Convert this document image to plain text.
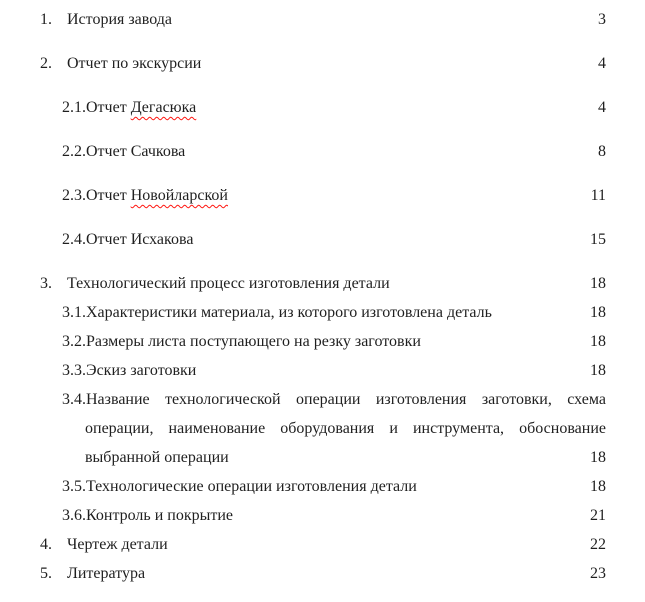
1. История завода	3
2. Отчет по экскурсии	4
2.1.Отчет Дегасюка	4
2.2.Отчет Сачкова	8
2.3.Отчет Новойларской	11
2.4.Отчет Исхакова	15
3. Технологический процесс изготовления детали	18
3.1.Характеристики материала, из которого изготовлена деталь	18
3.2.Размеры листа поступающего на резку заготовки	18
3.3.Эскиз заготовки	18
3.4.Название технологической операции изготовления заготовки, схема операции, наименование оборудования и инструмента, обоснование выбранной операции	18
3.5.Технологические операции изготовления детали	18
3.6.Контроль и покрытие	21
4. Чертеж детали	22
5. Литература	23
